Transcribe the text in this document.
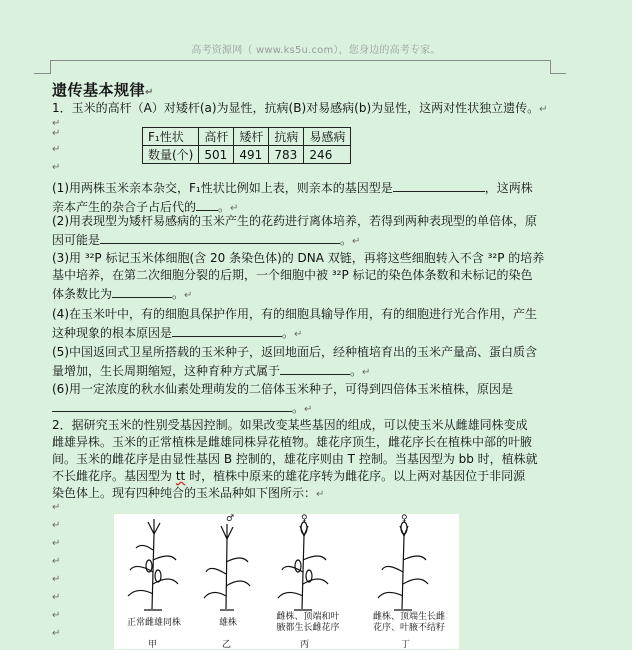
高考资源网（ www.ks5u.com），您身边的高考专家。
遗传基本规律↵
1．玉米的高杆（A）对矮杆(a)为显性，抗病(B)对易感病(b)为显性，这两对性状独立遗传。↵
↵
F₁性状	高杆	矮杆	抗病	易感病
数量(个)	501	491	783	246
↵
↵
↵
(1)用两株玉米亲本杂交，F₁性状比例如上表，则亲本的基因型是	，这两株
亲本产生的杂合子占后代的 。↵
(2)用表现型为矮杆易感病的玉米产生的花药进行离体培养，若得到两种表现型的单倍体，原
因可能是	。↵
(3)用 ³²P 标记玉米体细胞(含 20 条染色体)的 DNA 双链，再将这些细胞转入不含 ³²P 的培养
基中培养，在第二次细胞分裂的后期，一个细胞中被 ³²P 标记的染色体条数和未标记的染色
体条数比为	。↵
(4)在玉米叶中，有的细胞具保护作用，有的细胞具输导作用，有的细胞进行光合作用，产生
这种现象的根本原因是	。↵
(5)中国返回式卫星所搭载的玉米种子，返回地面后，经种植培育出的玉米产量高、蛋白质含
量增加，生长周期缩短，这种育种方式属于	。↵
(6)用一定浓度的秋水仙素处理萌发的二倍体玉米种子，可得到四倍体玉米植株，原因是
。↵
2．据研究玉米的性别受基因控制。如果改变某些基因的组成，可以使玉米从雌雄同株变成
雌雄异株。玉米的正常植株是雌雄同株异花植物。雄花序顶生，雌花序长在植株中部的叶腋
间。玉米的雌花序是由显性基因 B 控制的，雄花序则由 T 控制。当基因型为 bb 时，植株就
不长雌花序。基因型为 tt 时，植株中原来的雄花序转为雌花序。以上两对基因位于非同源
染色体上。现有四种纯合的玉米品种如下图所示：↵
↵
↵
↵
↵
↵
↵
↵
↵
♂	♀	♀
正常雌雄同株	雄株
雌株、顶端和叶
腋都生长雌花序
雌株、顶端生长雌
花序、叶腋不结籽
甲	乙	丙	丁
